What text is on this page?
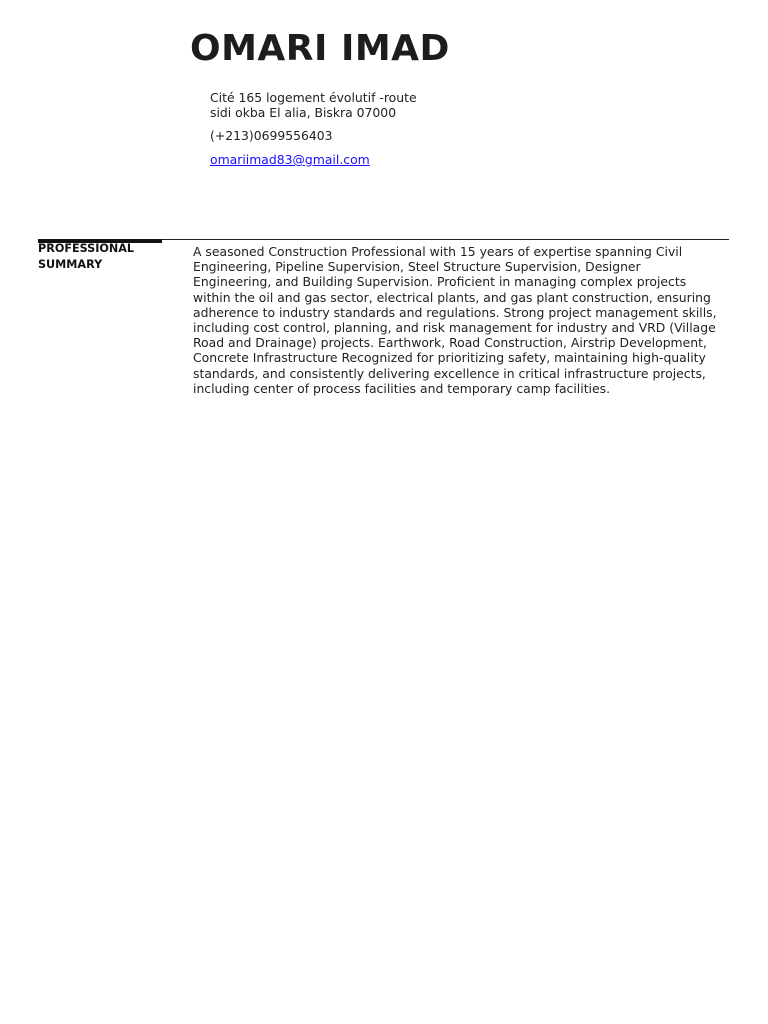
OMARI IMAD

Cité 165 logement évolutif -route
sidi okba El alia, Biskra 07000

(+213)0699556403

omariimad83@gmail.com

PROFESSIONAL
SUMMARY

A seasoned Construction Professional with 15 years of expertise spanning Civil Engineering, Pipeline Supervision, Steel Structure Supervision, Designer Engineering, and Building Supervision. Proficient in managing complex projects within the oil and gas sector, electrical plants, and gas plant construction, ensuring adherence to industry standards and regulations. Strong project management skills, including cost control, planning, and risk management for industry and VRD (Village Road and Drainage) projects. Earthwork, Road Construction, Airstrip Development, Concrete Infrastructure Recognized for prioritizing safety, maintaining high-quality standards, and consistently delivering excellence in critical infrastructure projects, including center of process facilities and temporary camp facilities.
